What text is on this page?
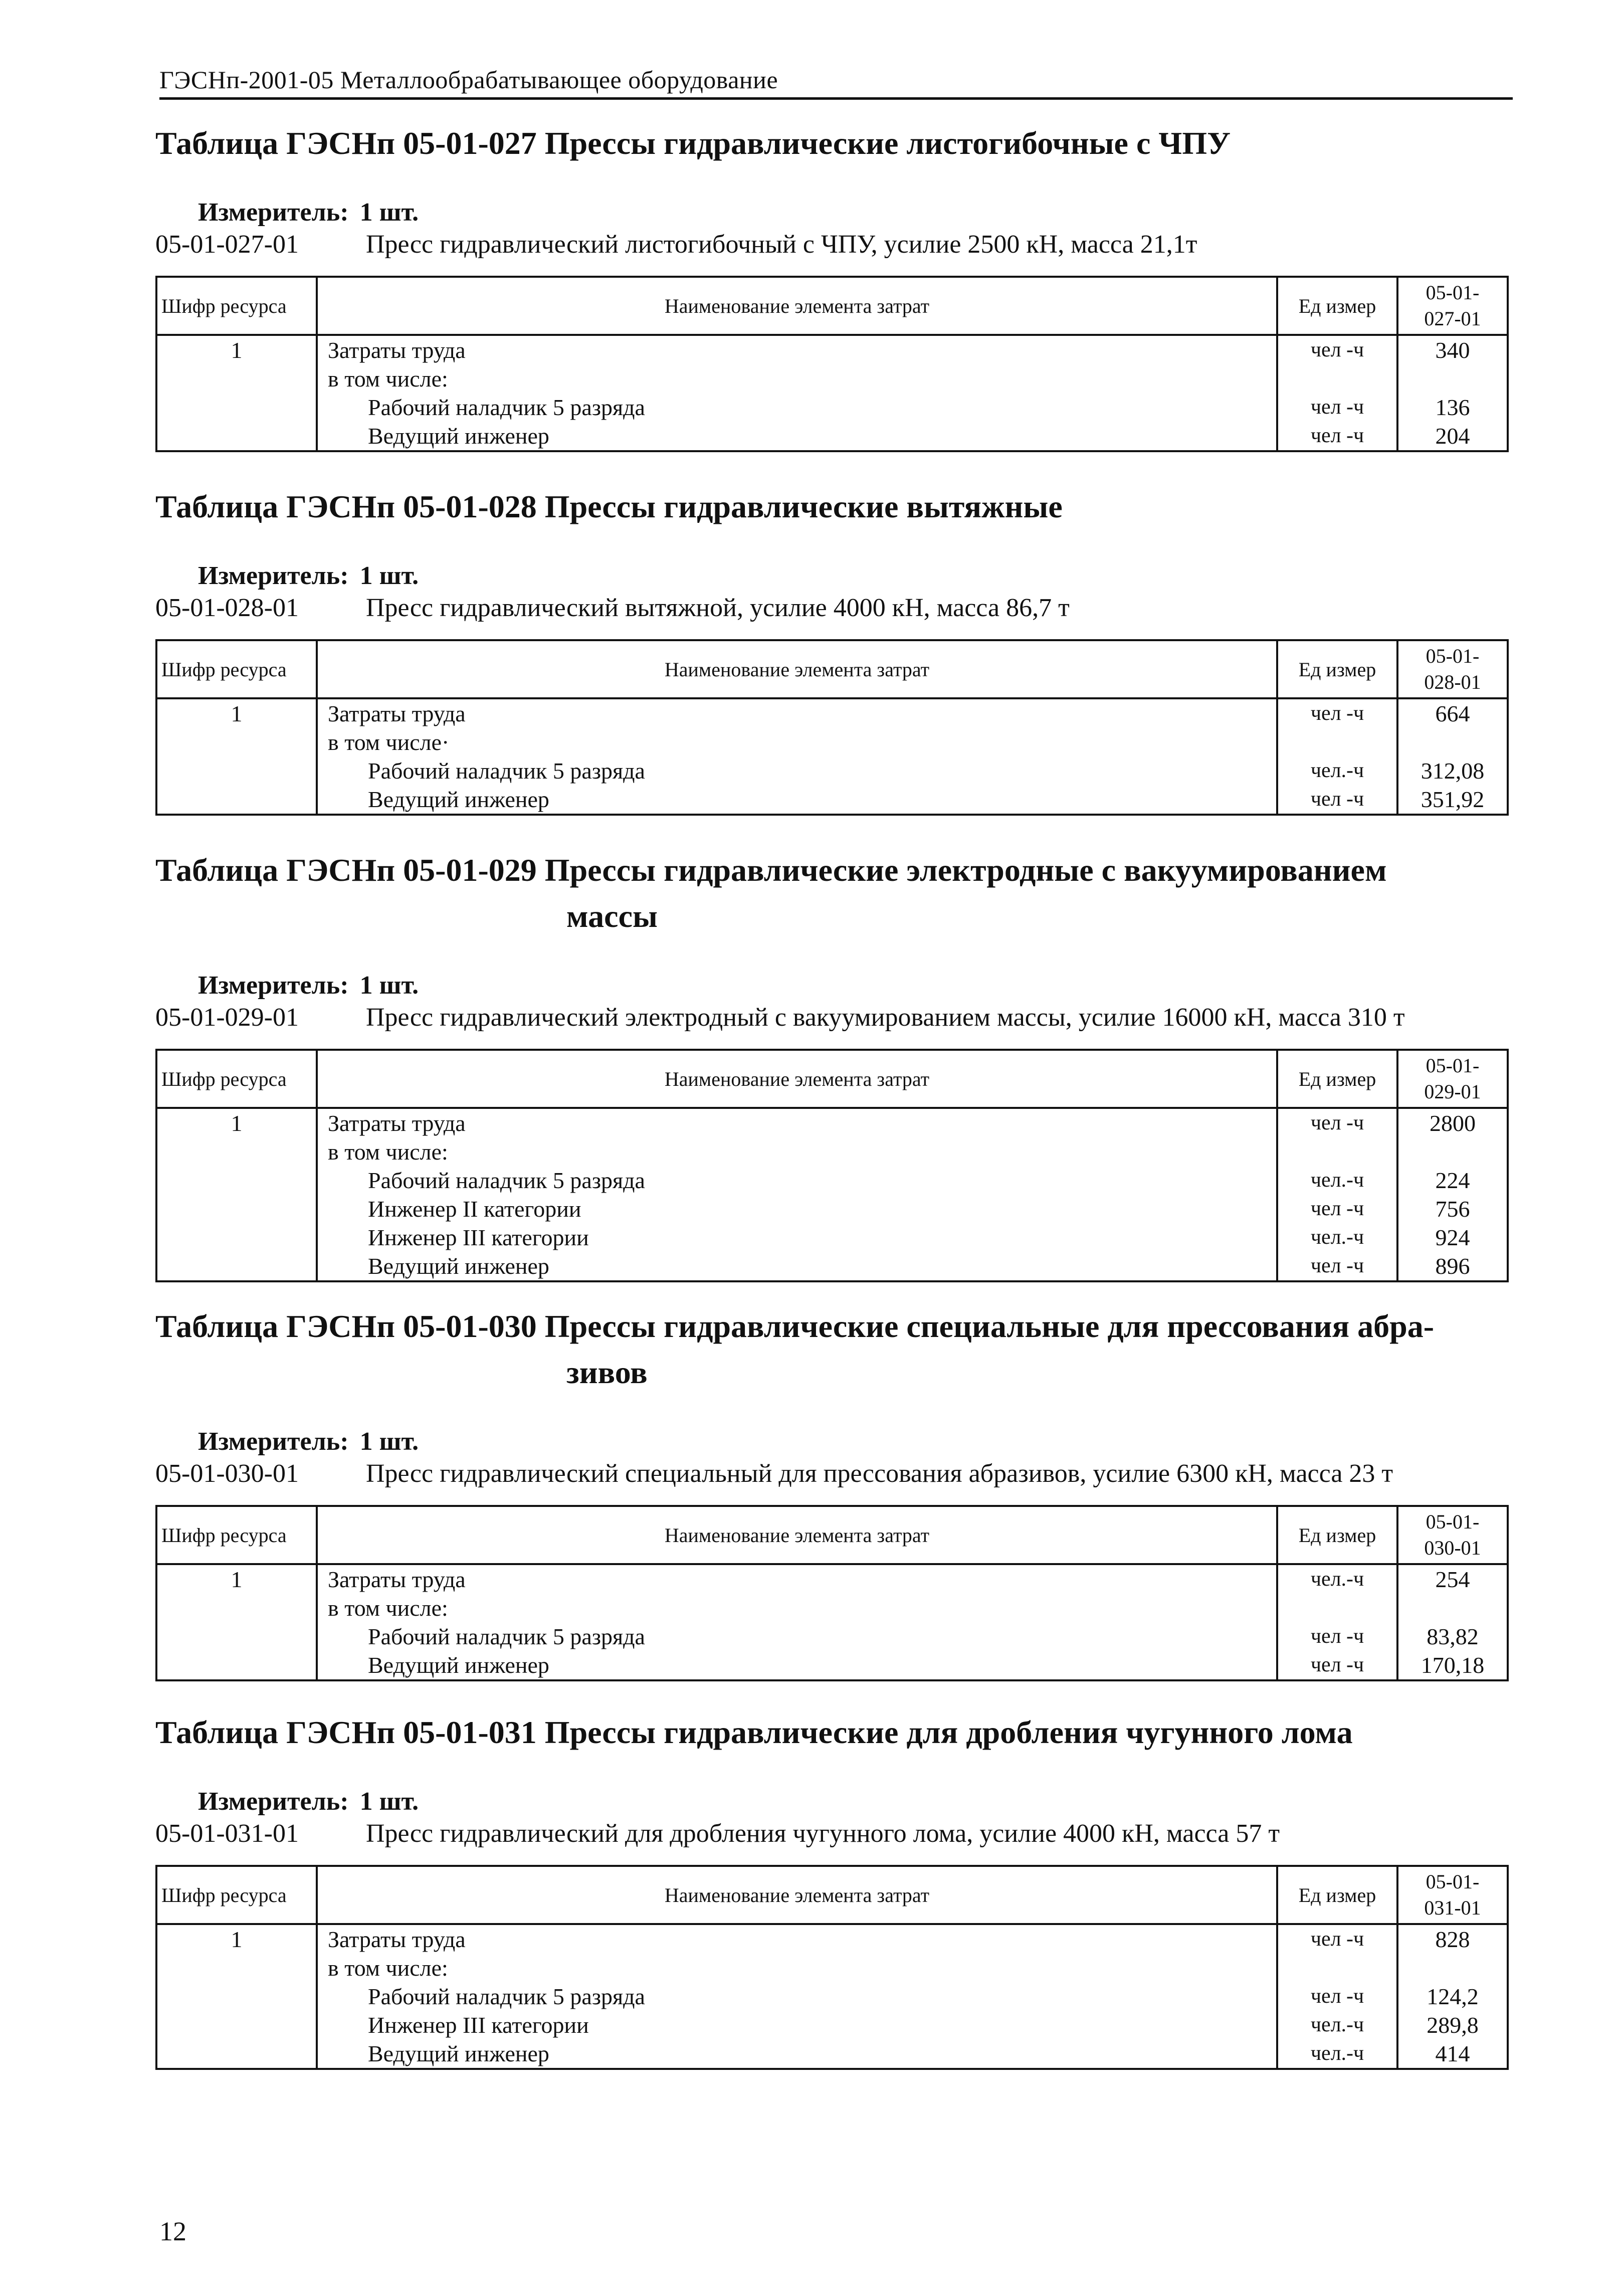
ГЭСНп-2001-05 Металлообрабатывающее оборудование
Таблица ГЭСНп 05-01-027 Прессы гидравлические листогибочные с ЧПУ
Измеритель: 1 шт.
05-01-027-01	Пресс гидравлический листогибочный с ЧПУ, усилие 2500 кН, масса 21,1т
Шифр ресурса	Наименование элемента затрат	Ед измер	05-01-
027-01
1	Затраты труда	чел -ч	340
	в том числе:		
	Рабочий наладчик 5 разряда	чел -ч	136
	Ведущий инженер	чел -ч	204
Таблица ГЭСНп 05-01-028 Прессы гидравлические вытяжные
Измеритель: 1 шт.
05-01-028-01	Пресс гидравлический вытяжной, усилие 4000 кН, масса 86,7 т
Шифр ресурса	Наименование элемента затрат	Ед измер	05-01-
028-01
1	Затраты труда	чел -ч	664
	в том числе·		
	Рабочий наладчик 5 разряда	чел.-ч	312,08
	Ведущий инженер	чел -ч	351,92
Таблица ГЭСНп 05-01-029 Прессы гидравлические электродные с вакуумированием
массы
Измеритель: 1 шт.
05-01-029-01	Пресс гидравлический электродный с вакуумированием массы, усилие 16000 кН, масса 310 т
Шифр ресурса	Наименование элемента затрат	Ед измер	05-01-
029-01
1	Затраты труда	чел -ч	2800
	в том числе:		
	Рабочий наладчик 5 разряда	чел.-ч	224
	Инженер II категории	чел -ч	756
	Инженер III категории	чел.-ч	924
	Ведущий инженер	чел -ч	896
Таблица ГЭСНп 05-01-030 Прессы гидравлические специальные для прессования абра-
зивов
Измеритель: 1 шт.
05-01-030-01	Пресс гидравлический специальный для прессования абразивов, усилие 6300 кН, масса 23 т
Шифр ресурса	Наименование элемента затрат	Ед измер	05-01-
030-01
1	Затраты труда	чел.-ч	254
	в том числе:		
	Рабочий наладчик 5 разряда	чел -ч	83,82
	Ведущий инженер	чел -ч	170,18
Таблица ГЭСНп 05-01-031 Прессы гидравлические для дробления чугунного лома
Измеритель: 1 шт.
05-01-031-01	Пресс гидравлический для дробления чугунного лома, усилие 4000 кН, масса 57 т
Шифр ресурса	Наименование элемента затрат	Ед измер	05-01-
031-01
1	Затраты труда	чел -ч	828
	в том числе:		
	Рабочий наладчик 5 разряда	чел -ч	124,2
	Инженер III категории	чел.-ч	289,8
	Ведущий инженер	чел.-ч	414
12
